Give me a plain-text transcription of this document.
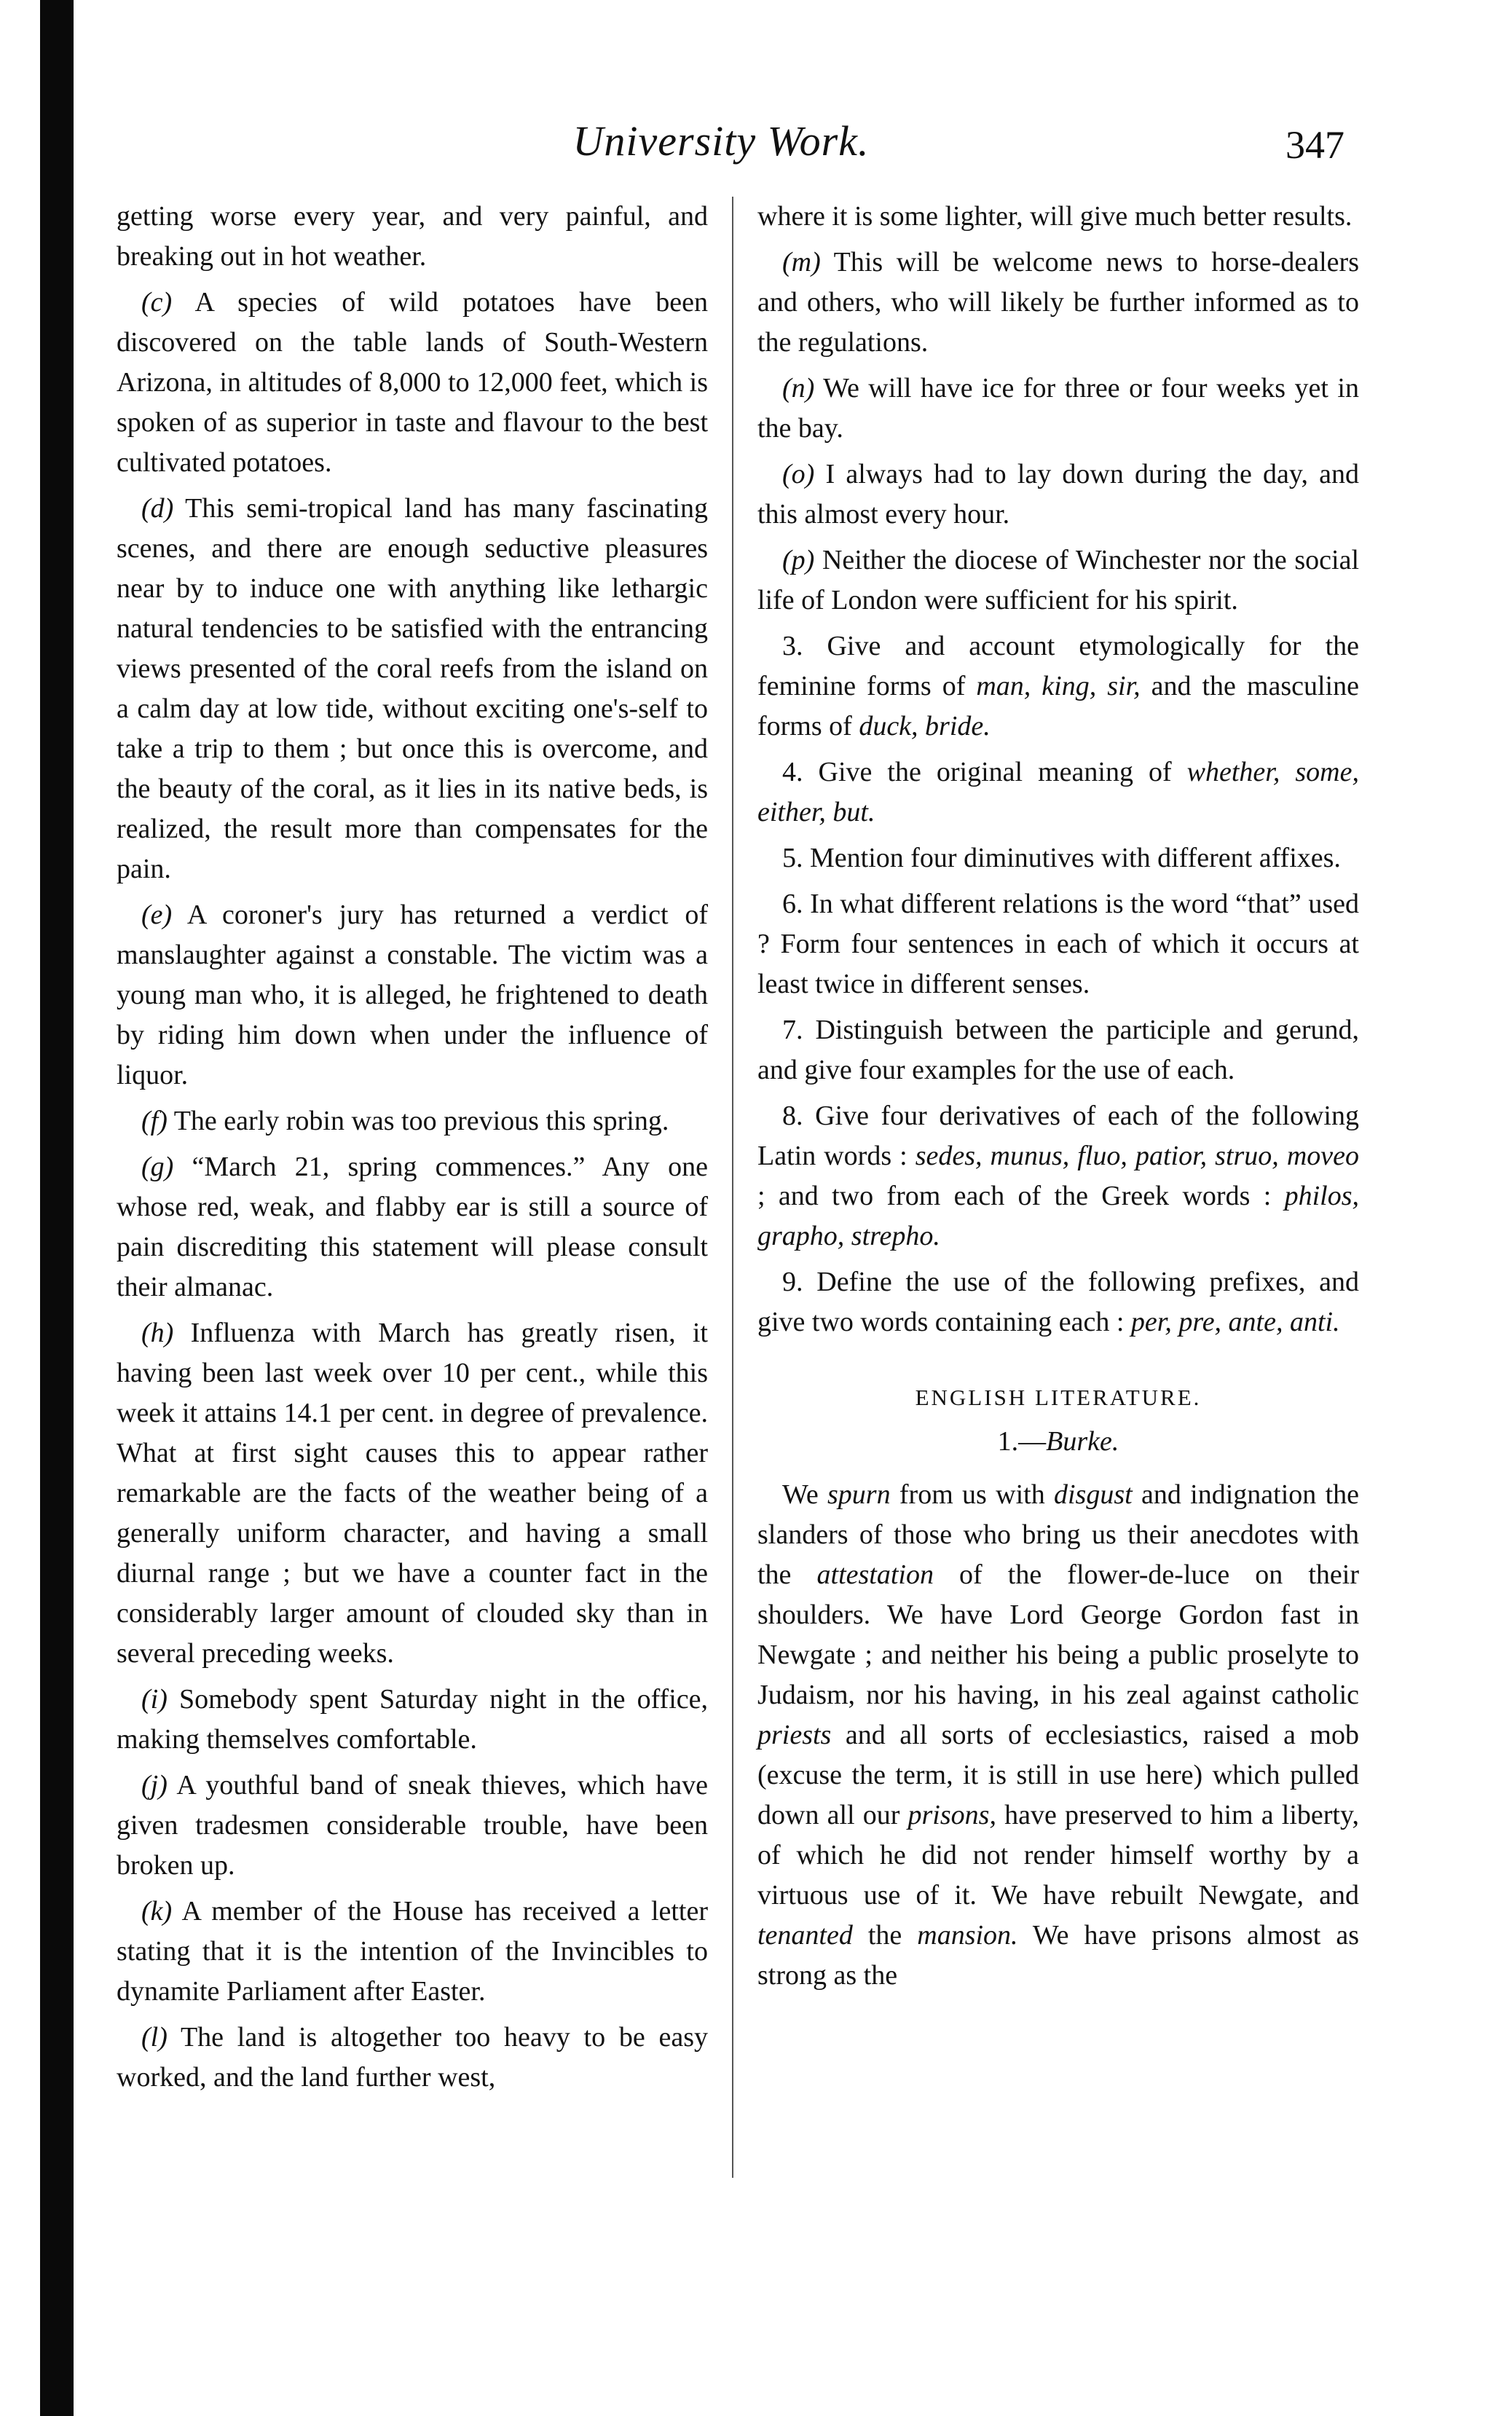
University Work.	347

getting worse every year, and very painful, and breaking out in hot weather.

(c) A species of wild potatoes have been discovered on the table lands of South-Western Arizona, in altitudes of 8,000 to 12,000 feet, which is spoken of as superior in taste and flavour to the best cultivated potatoes.

(d) This semi-tropical land has many fascinating scenes, and there are enough seductive pleasures near by to induce one with anything like lethargic natural tendencies to be satisfied with the entrancing views presented of the coral reefs from the island on a calm day at low tide, without exciting one's-self to take a trip to them ; but once this is overcome, and the beauty of the coral, as it lies in its native beds, is realized, the result more than compensates for the pain.

(e) A coroner's jury has returned a verdict of manslaughter against a constable. The victim was a young man who, it is alleged, he frightened to death by riding him down when under the influence of liquor.

(f) The early robin was too previous this spring.

(g) “March 21, spring commences.” Any one whose red, weak, and flabby ear is still a source of pain discrediting this statement will please consult their almanac.

(h) Influenza with March has greatly risen, it having been last week over 10 per cent., while this week it attains 14.1 per cent. in degree of prevalence. What at first sight causes this to appear rather remarkable are the facts of the weather being of a generally uniform character, and having a small diurnal range ; but we have a counter fact in the considerably larger amount of clouded sky than in several preceding weeks.

(i) Somebody spent Saturday night in the office, making themselves comfortable.

(j) A youthful band of sneak thieves, which have given tradesmen considerable trouble, have been broken up.

(k) A member of the House has received a letter stating that it is the intention of the Invincibles to dynamite Parliament after Easter.

(l) The land is altogether too heavy to be easy worked, and the land further west,

where it is some lighter, will give much better results.

(m) This will be welcome news to horse-dealers and others, who will likely be further informed as to the regulations.

(n) We will have ice for three or four weeks yet in the bay.

(o) I always had to lay down during the day, and this almost every hour.

(p) Neither the diocese of Winchester nor the social life of London were sufficient for his spirit.

3. Give and account etymologically for the feminine forms of man, king, sir, and the masculine forms of duck, bride.

4. Give the original meaning of whether, some, either, but.

5. Mention four diminutives with different affixes.

6. In what different relations is the word “that” used ? Form four sentences in each of which it occurs at least twice in different senses.

7. Distinguish between the participle and gerund, and give four examples for the use of each.

8. Give four derivatives of each of the following Latin words : sedes, munus, fluo, patior, struo, moveo ; and two from each of the Greek words : philos, grapho, strepho.

9. Define the use of the following prefixes, and give two words containing each : per, pre, ante, anti.

ENGLISH LITERATURE.
1.—Burke.

We spurn from us with disgust and indignation the slanders of those who bring us their anecdotes with the attestation of the flower-de-luce on their shoulders. We have Lord George Gordon fast in Newgate ; and neither his being a public proselyte to Judaism, nor his having, in his zeal against catholic priests and all sorts of ecclesiastics, raised a mob (excuse the term, it is still in use here) which pulled down all our prisons, have preserved to him a liberty, of which he did not render himself worthy by a virtuous use of it. We have rebuilt Newgate, and tenanted the mansion. We have prisons almost as strong as the
